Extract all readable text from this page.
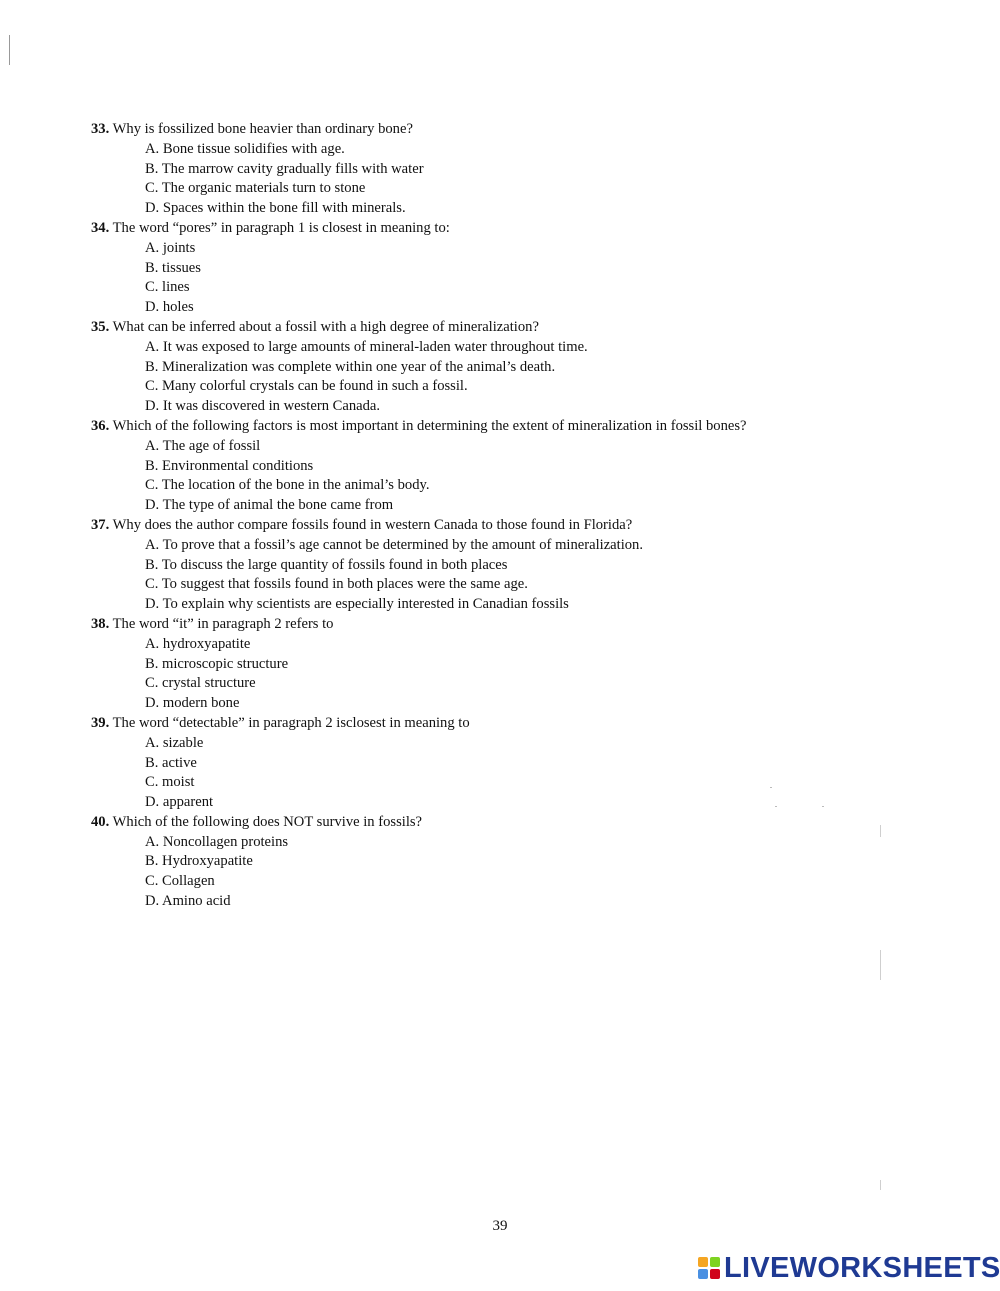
33. Why is fossilized bone heavier than ordinary bone?
A. Bone tissue solidifies with age.
B. The marrow cavity gradually fills with water
C. The organic materials turn to stone
D. Spaces within the bone fill with minerals.
34. The word “pores” in paragraph 1 is closest in meaning to:
A. joints
B. tissues
C. lines
D. holes
35. What can be inferred about a fossil with a high degree of mineralization?
A. It was exposed to large amounts of mineral-laden water throughout time.
B. Mineralization was complete within one year of the animal’s death.
C. Many colorful crystals can be found in such a fossil.
D. It was discovered in western Canada.
36. Which of the following factors is most important in determining the extent of mineralization in fossil bones?
A. The age of fossil
B. Environmental conditions
C. The location of the bone in the animal’s body.
D. The type of animal the bone came from
37. Why does the author compare fossils found in western Canada to those found in Florida?
A. To prove that a fossil’s age cannot be determined by the amount of mineralization.
B. To discuss the large quantity of fossils found in both places
C. To suggest that fossils found in both places were the same age.
D. To explain why scientists are especially interested in Canadian fossils
38. The word “it” in paragraph 2 refers to
A. hydroxyapatite
B. microscopic structure
C. crystal structure
D. modern bone
39. The word “detectable” in paragraph 2 isclosest in meaning to
A. sizable
B. active
C. moist
D. apparent
40. Which of the following does NOT survive in fossils?
A. Noncollagen proteins
B. Hydroxyapatite
C. Collagen
D. Amino acid
39
LIVEWORKSHEETS
